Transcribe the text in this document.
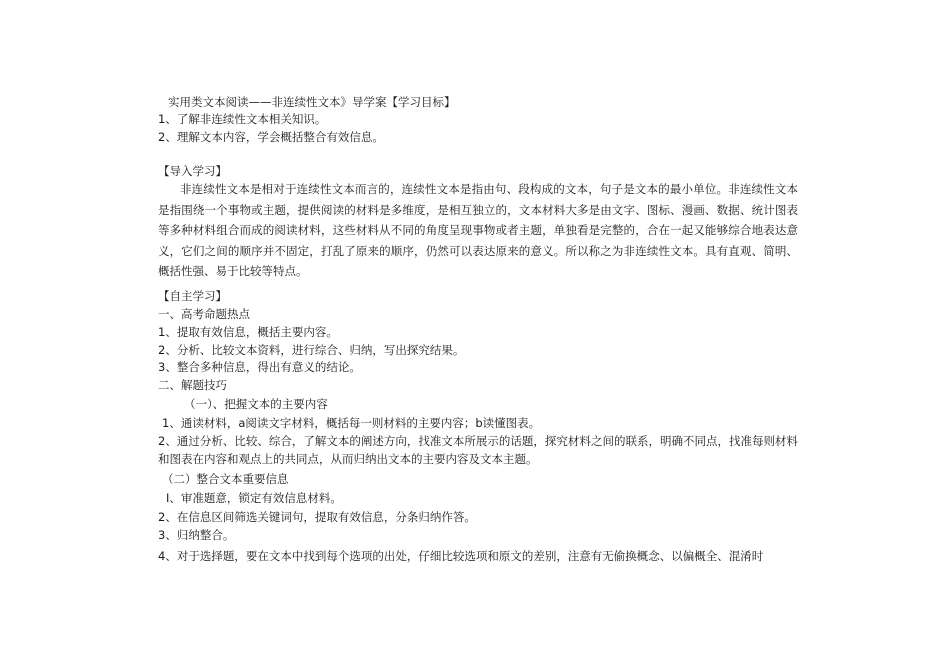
实用类文本阅读——非连续性文本》导学案【学习目标】
1、了解非连续性文本相关知识。
2、理解文本内容，学会概括整合有效信息。
【导入学习】
非连续性文本是相对于连续性文本而言的，连续性文本是指由句、段构成的文本，句子是文本的最小单位。非连续性文本是指围绕一个事物或主题，提供阅读的材料是多维度，是相互独立的，文本材料大多是由文字、图标、漫画、数据、统计图表等多种材料组合而成的阅读材料，这些材料从不同的角度呈现事物或者主题，单独看是完整的，合在一起又能够综合地表达意义，它们之间的顺序并不固定，打乱了原来的顺序，仍然可以表达原来的意义。所以称之为非连续性文本。具有直观、简明、概括性强、易于比较等特点。
【自主学习】
一、高考命题热点
1、提取有效信息，概括主要内容。
2、分析、比较文本资料，进行综合、归纳，写出探究结果。
3、整合多种信息，得出有意义的结论。
二、解题技巧
（一）、把握文本的主要内容
1、通读材料，a阅读文字材料，概括每一则材料的主要内容；b读懂图表。
2、通过分析、比较、综合，了解文本的阐述方向，找准文本所展示的话题，探究材料之间的联系，明确不同点，找准每则材料和图表在内容和观点上的共同点，从而归纳出文本的主要内容及文本主题。
（二）整合文本重要信息
I、审准题意，锁定有效信息材料。
2、在信息区间筛选关键词句，提取有效信息，分条归纳作答。
3、归纳整合。
4、对于选择题，要在文本中找到每个选项的出处，仔细比较选项和原文的差别，注意有无偷换概念、以偏概全、混淆时
